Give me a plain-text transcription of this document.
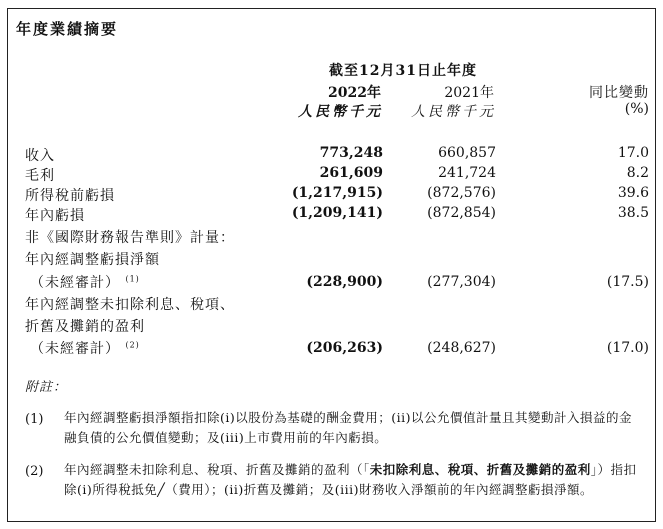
年度業績摘要
截至12月31日止年度
2022年	2021年	同比變動
人民幣千元 人民幣千元	(%)
收入	773,248	660,857	17.0
毛利	261,609	241,724	8.2
所得稅前虧損	(1,217,915)	(872,576)	39.6
年內虧損	(1,209,141)	(872,854)	38.5
非《國際財務報告準則》計量：
年內經調整虧損淨額
（未經審計） $^{(1)}$	(228,900)	(277,304)	(17.5)
年內經調整未扣除利息、稅項、
折舊及攤銷的盈利
（未經審計） $^{(2)}$	(206,263)	(248,627)	(17.0)
附註：
(1) 年內經調整虧損淨額指扣除(i)以股份為基礎的酬金費用；(ii)以公允價值計量且其變動計入損益的金融負債的公允價值變動；及(iii)上市費用前的年內虧損。
(2) 年內經調整未扣除利息、稅項、折舊及攤銷的盈利（「未扣除利息、稅項、折舊及攤銷的盈利」）指扣除(i)所得稅抵免╱（費用）；(ii)折舊及攤銷；及(iii)財務收入淨額前的年內經調整虧損淨額。
